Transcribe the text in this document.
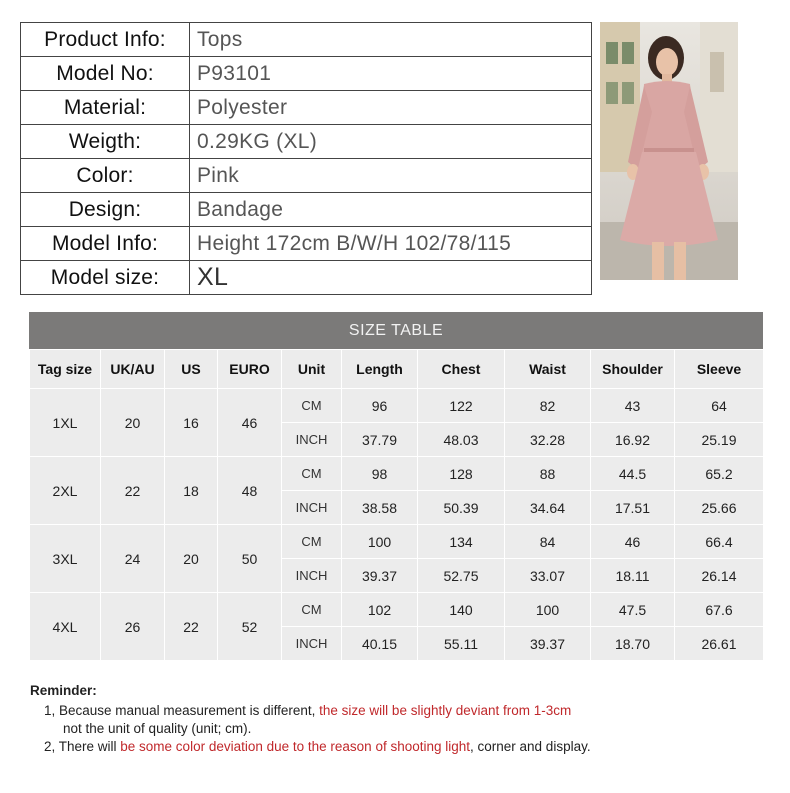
Product Info:	Tops
Model No:	P93101
Material:	Polyester
Weigth:	0.29KG (XL)
Color:	Pink
Design:	Bandage
Model Info:	Height 172cm B/W/H 102/78/115
Model size:	XL
SIZE TABLE
Tag size	UK/AU	US	EURO	Unit	Length	Chest	Waist	Shoulder	Sleeve
1XL	20	16	46	CM	96	122	82	43	64
				INCH	37.79	48.03	32.28	16.92	25.19
2XL	22	18	48	CM	98	128	88	44.5	65.2
				INCH	38.58	50.39	34.64	17.51	25.66
3XL	24	20	50	CM	100	134	84	46	66.4
				INCH	39.37	52.75	33.07	18.11	26.14
4XL	26	22	52	CM	102	140	100	47.5	67.6
				INCH	40.15	55.11	39.37	18.70	26.61
Reminder:
1, Because manual measurement is different, the size will be slightly deviant from 1-3cm
not the unit of quality (unit; cm).
2, There will be some color deviation due to the reason of shooting light, corner and display.
